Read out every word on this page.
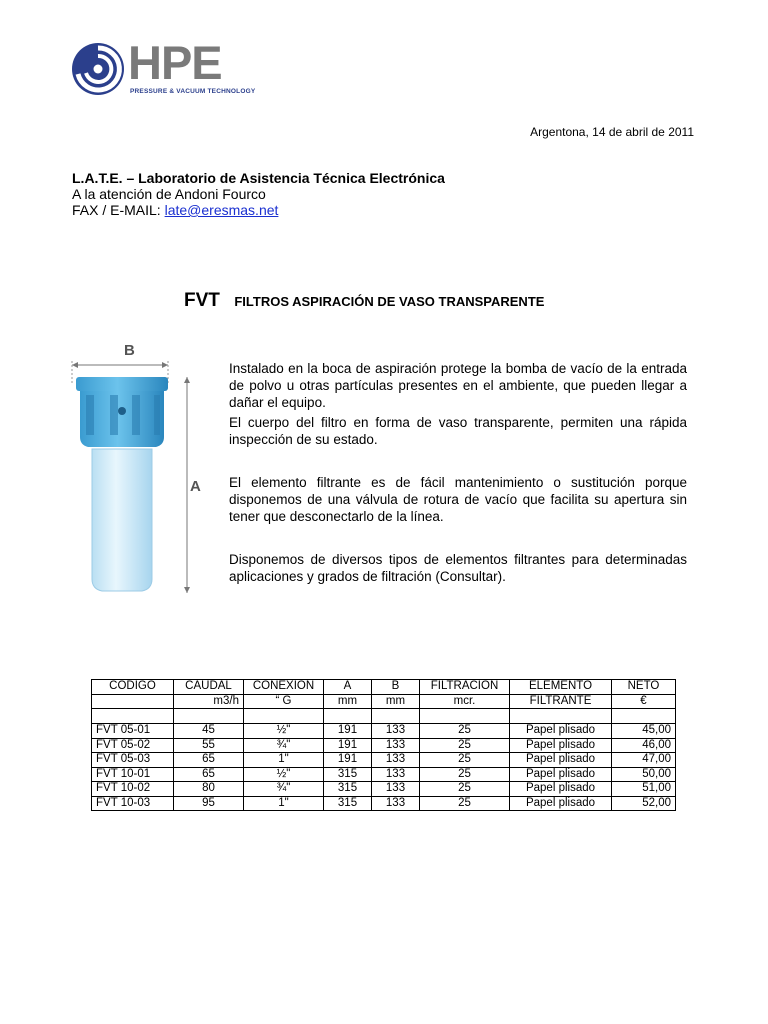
HPE
PRESSURE & VACUUM TECHNOLOGY
Argentona, 14 de abril de 2011
L.A.T.E. – Laboratorio de Asistencia Técnica Electrónica
A la atención de Andoni Fourco
FAX / E-MAIL: late@eresmas.net
FVT FILTROS ASPIRACIÓN DE VASO TRANSPARENTE
B
A

Instalado en la boca de aspiración protege la bomba de vacío de la entrada de polvo u otras partículas presentes en el ambiente, que pueden llegar a dañar el equipo.

El cuerpo del filtro en forma de vaso transparente, permiten una rápida inspección de su estado.

El elemento filtrante es de fácil mantenimiento o sustitución porque disponemos de una válvula de rotura de vacío que facilita su apertura sin tener que desconectarlo de la línea.

Disponemos de diversos tipos de elementos filtrantes para determinadas aplicaciones y grados de filtración (Consultar).

CODIGO	CAUDAL	CONEXION	A	B	FILTRACION	ELEMENTO	NETO
	m3/h	“ G	mm	mm	mcr.	FILTRANTE	€

FVT 05-01	45	½"	191	133	25	Papel plisado	45,00
FVT 05-02	55	¾"	191	133	25	Papel plisado	46,00
FVT 05-03	65	1"	191	133	25	Papel plisado	47,00
FVT 10-01	65	½"	315	133	25	Papel plisado	50,00
FVT 10-02	80	¾"	315	133	25	Papel plisado	51,00
FVT 10-03	95	1"	315	133	25	Papel plisado	52,00
